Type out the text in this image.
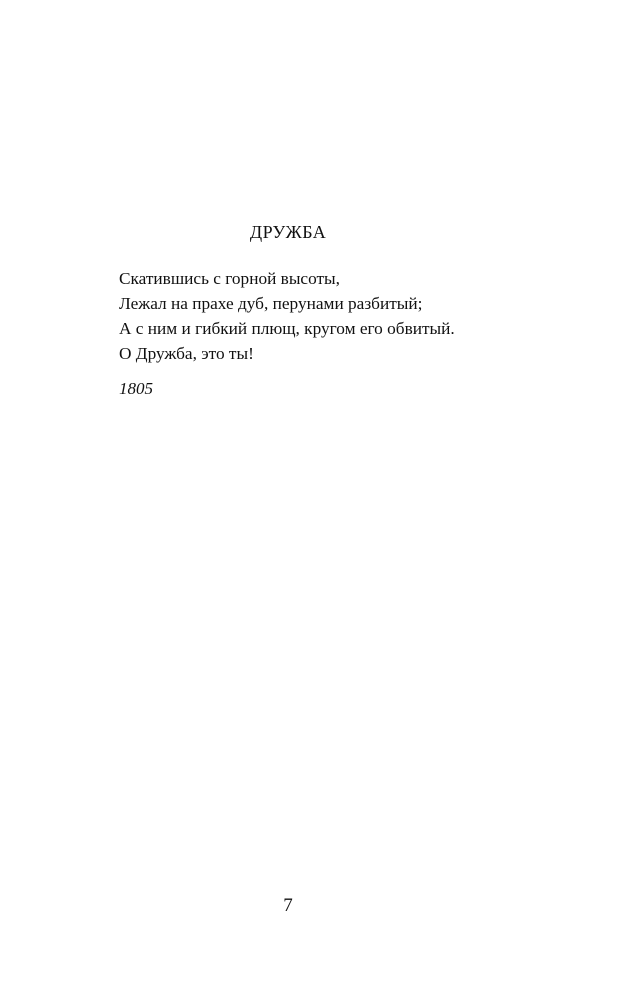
ДРУЖБА
Скатившись с горной высоты,
Лежал на прахе дуб, перунами разбитый;
А с ним и гибкий плющ, кругом его обвитый.
О Дружба, это ты!
1805
7
